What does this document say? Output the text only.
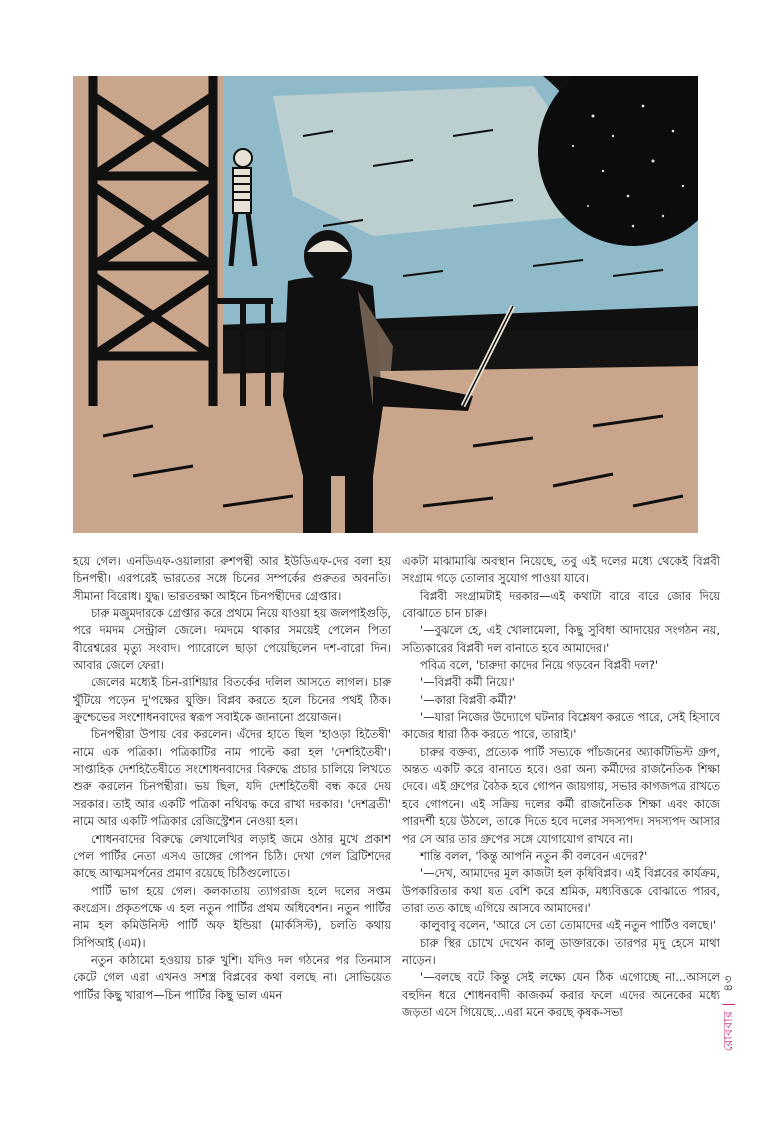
হয়ে গেল। এনডিএফ-ওয়ালারা রুশপন্থী আর ইউডিএফ-দের বলা হয় চিনপন্থী। এরপরেই ভারতের সঙ্গে চিনের সম্পর্কের গুরুতর অবনতি। সীমানা বিরোধ। যুদ্ধ। ভারতরক্ষা আইনে চিনপন্থীদের গ্রেপ্তার।

চারু মজুমদারকে গ্রেপ্তার করে প্রথমে নিয়ে যাওয়া হয় জলপাইগুড়ি, পরে দমদম সেন্ট্রাল জেলে। দমদমে থাকার সময়েই পেলেন পিতা বীরেশ্বরের মৃত্যু সংবাদ। প্যারোলে ছাড়া পেয়েছিলেন দশ-বারো দিন। আবার জেলে ফেরা।

জেলের মধ্যেই চিন-রাশিয়ার বিতর্কের দলিল আসতে লাগল। চারু খুঁটিয়ে পড়েন দু'পক্ষের যুক্তি। বিপ্লব করতে হলে চিনের পথই ঠিক। ক্রুশ্চেভের সংশোধনবাদের স্বরূপ সবাইকে জানানো প্রয়োজন।

চিনপন্থীরা উপায় বের করলেন। এঁদের হাতে ছিল 'হাওড়া হিতৈষী' নামে এক পত্রিকা। পত্রিকাটির নাম পাল্টে করা হল 'দেশহিতৈষী'। সাপ্তাহিক দেশহিতৈষীতে সংশোধনবাদের বিরুদ্ধে প্রচার চালিয়ে লিখতে শুরু করলেন চিনপন্থীরা। ভয় ছিল, যদি দেশহিতৈষী বন্ধ করে দেয় সরকার। তাই আর একটি পত্রিকা নথিবদ্ধ করে রাখা দরকার। 'দেশব্রতী' নামে আর একটি পত্রিকার রেজিস্ট্রেশন নেওয়া হল।

শোধনবাদের বিরুদ্ধে লেখালেখির লড়াই জমে ওঠার মুখে প্রকাশ পেল পার্টির নেতা এসএ ডাঙ্গের গোপন চিঠি। দেখা গেল ব্রিটিশদের কাছে আত্মসমর্পনের প্রমাণ রয়েছে চিঠিগুলোতে।

পার্টি ভাগ হয়ে গেল। কলকাতায় ত্যাগরাজ হলে দলের সপ্তম কংগ্রেস। প্রকৃতপক্ষে এ হল নতুন পার্টির প্রথম অধিবেশন। নতুন পার্টির নাম হল কমিউনিস্ট পার্টি অফ ইন্ডিয়া (মার্কসিস্ট), চলতি কথায় সিপিআই (এম)।

নতুন কাঠামো হওয়ায় চারু খুশি। যদিও দল গঠনের পর তিনমাস কেটে গেল এরা এখনও সশস্ত্র বিপ্লবের কথা বলছে না। সোভিয়েত পার্টির কিছু খারাপ—চিন পার্টির কিছু ভাল এমন

একটা মাঝামাঝি অবস্থান নিয়েছে, তবু এই দলের মধ্যে থেকেই বিপ্লবী সংগ্রাম গড়ে তোলার সুযোগ পাওয়া যাবে।

বিপ্লবী সংগ্রামটাই দরকার—এই কথাটা বারে বারে জোর দিয়ে বোঝাতে চান চারু।

'—বুঝলে হে, এই খোলামেলা, কিছু সুবিধা আদায়ের সংগঠন নয়, সত্যিকারের বিপ্লবী দল বানাতে হবে আমাদের।'

পবিত্র বলে, 'চারুদা কাদের নিয়ে গড়বেন বিপ্লবী দল?'

'—বিপ্লবী কর্মী নিয়ে।'

'—কারা বিপ্লবী কর্মী?'

'—যারা নিজের উদ্যোগে ঘটনার বিশ্লেষণ করতে পারে, সেই হিসাবে কাজের ধারা ঠিক করতে পারে, তারাই।'

চারুর বক্তব্য, প্রত্যেক পার্টি সভ্যকে পাঁচজনের অ্যাকটিভিস্ট গ্রুপ, অন্তত একটি করে বানাতে হবে। ওরা অন্য কর্মীদের রাজনৈতিক শিক্ষা দেবে। এই গ্রুপের বৈঠক হবে গোপন জায়গায়, সভার কাগজপত্র রাখতে হবে গোপনে। এই সক্রিয় দলের কর্মী রাজনৈতিক শিক্ষা এবং কাজে পারদর্শী হয়ে উঠলে, তাকে দিতে হবে দলের সদস্যপদ। সদস্যপদ আসার পর সে আর তার গ্রুপের সঙ্গে যোগাযোগ রাখবে না।

শান্তি বলল, 'কিন্তু আপনি নতুন কী বলবেন এদের?'

'—দেখ, আমাদের মূল কাজটা হল কৃষিবিপ্লব। এই বিপ্লবের কার্যক্রম, উপকারিতার কথা যত বেশি করে শ্রমিক, মধ্যবিত্তকে বোঝাতে পারব, তারা তত কাছে এগিয়ে আসবে আমাদের।'

কালুবাবু বলেন, 'আরে সে তো তোমাদের এই নতুন পার্টিও বলছে।'

চারু স্থির চোখে দেখেন কালু ডাক্তারকে। তারপর মৃদু হেসে মাথা নাড়েন।

'—বলছে বটে কিন্তু সেই লক্ষ্যে যেন ঠিক এগোচ্ছে না...আসলে বহুদিন ধরে শোধনবাদী কাজকর্ম করার ফলে এদের অনেকের মধ্যে জড়তা এসে গিয়েছে...এরা মনে করছে কৃষক-সভা	রোববার | ৪৩
